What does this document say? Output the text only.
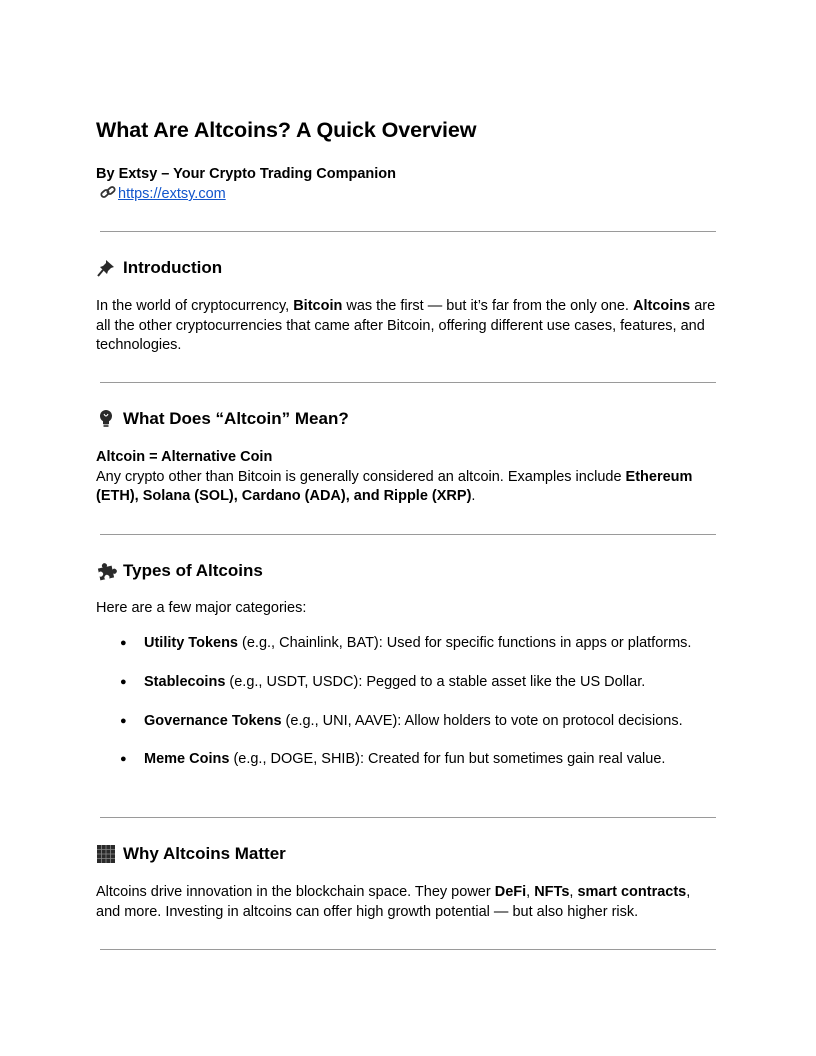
What Are Altcoins? A Quick Overview
By Extsy – Your Crypto Trading Companion
https://extsy.com
Introduction

In the world of cryptocurrency, Bitcoin was the first — but it’s far from the only one. Altcoins are all the other cryptocurrencies that came after Bitcoin, offering different use cases, features, and technologies.

What Does “Altcoin” Mean?

Altcoin = Alternative Coin
Any crypto other than Bitcoin is generally considered an altcoin. Examples include Ethereum (ETH), Solana (SOL), Cardano (ADA), and Ripple (XRP).

Types of Altcoins

Here are a few major categories:

● Utility Tokens (e.g., Chainlink, BAT): Used for specific functions in apps or platforms.
● Stablecoins (e.g., USDT, USDC): Pegged to a stable asset like the US Dollar.
● Governance Tokens (e.g., UNI, AAVE): Allow holders to vote on protocol decisions.
● Meme Coins (e.g., DOGE, SHIB): Created for fun but sometimes gain real value.
Why Altcoins Matter

Altcoins drive innovation in the blockchain space. They power DeFi, NFTs, smart contracts, and more. Investing in altcoins can offer high growth potential — but also higher risk.
